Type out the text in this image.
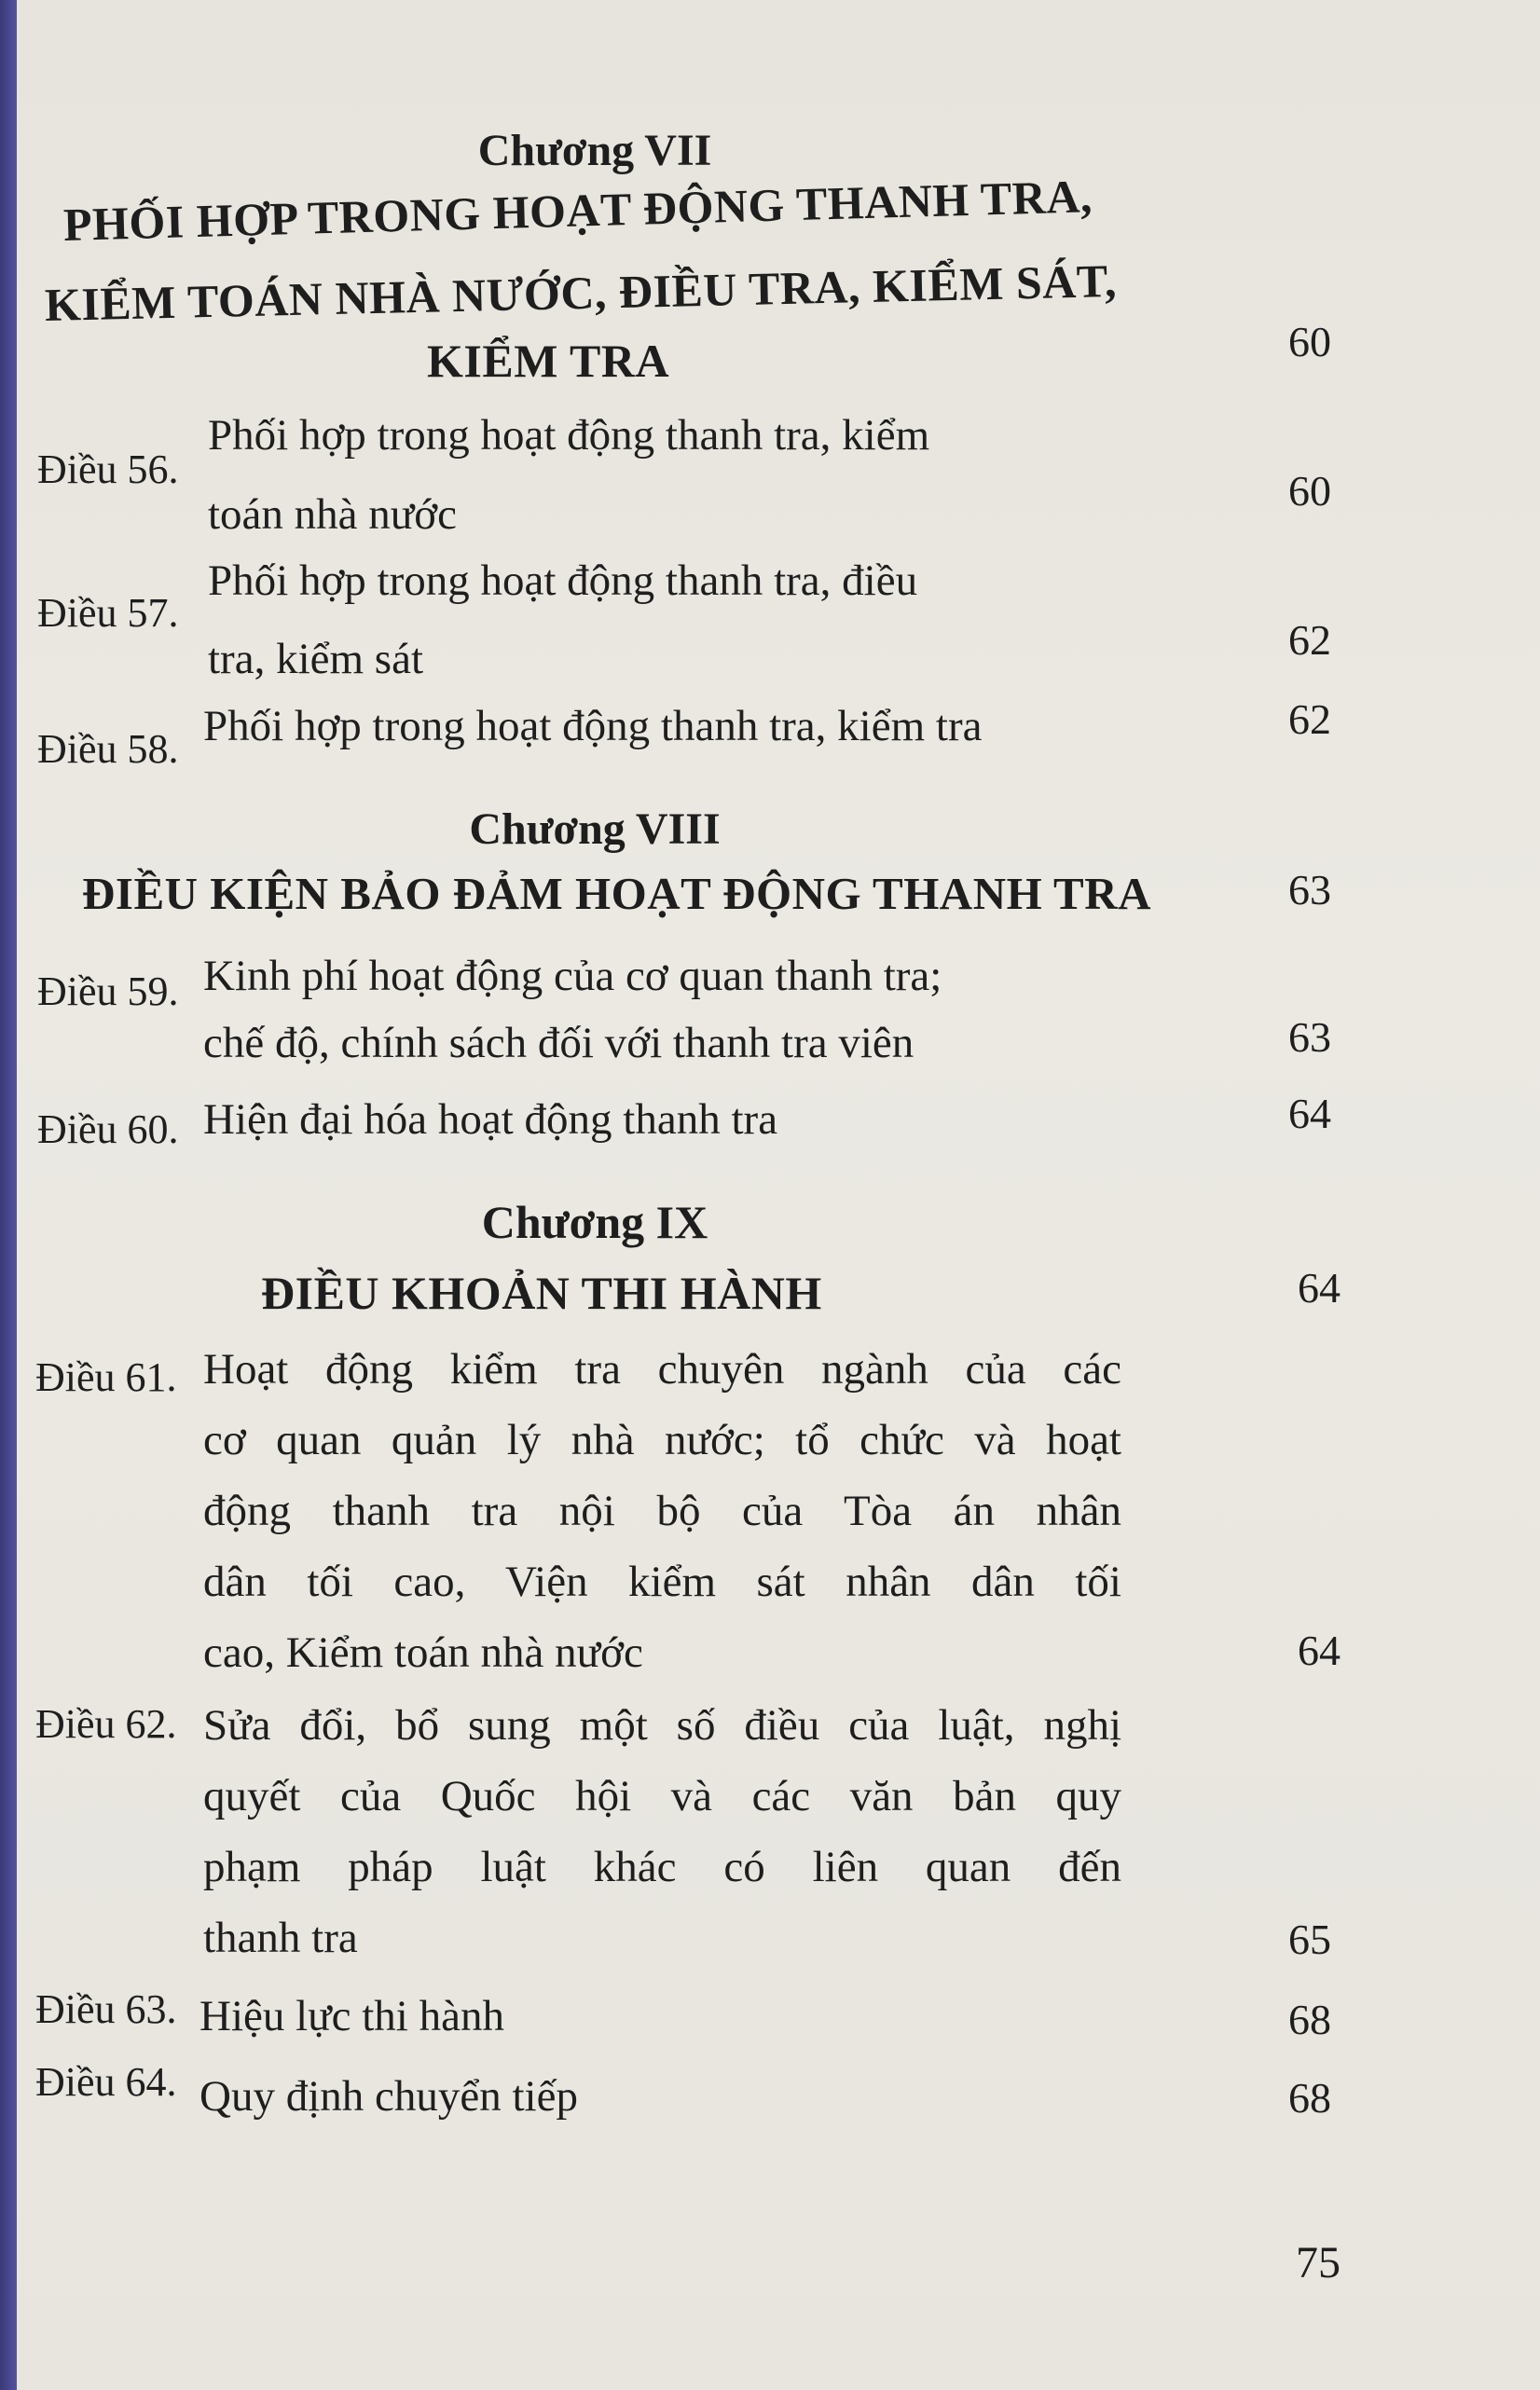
Chương VII
PHỐI HỢP TRONG HOẠT ĐỘNG THANH TRA,
KIỂM TOÁN NHÀ NƯỚC, ĐIỀU TRA, KIỂM SÁT,
KIỂM TRA	60
Điều 56.
Phối hợp trong hoạt động thanh tra, kiểm
toán nhà nước	60
Điều 57.
Phối hợp trong hoạt động thanh tra, điều
tra, kiểm sát	62
Điều 58. Phối hợp trong hoạt động thanh tra, kiểm tra	62
Chương VIII
ĐIỀU KIỆN BẢO ĐẢM HOẠT ĐỘNG THANH TRA	63
Điều 59. Kinh phí hoạt động của cơ quan thanh tra;
chế độ, chính sách đối với thanh tra viên	63
Điều 60. Hiện đại hóa hoạt động thanh tra	64
Chương IX
ĐIỀU KHOẢN THI HÀNH	64
Điều 61. Hoạt động kiểm tra chuyên ngành của các
cơ quan quản lý nhà nước; tổ chức và hoạt
động thanh tra nội bộ của Tòa án nhân
dân tối cao, Viện kiểm sát nhân dân tối
cao, Kiểm toán nhà nước	64
Điều 62. Sửa đổi, bổ sung một số điều của luật, nghị
quyết của Quốc hội và các văn bản quy
phạm pháp luật khác có liên quan đến
thanh tra	65
Điều 63. Hiệu lực thi hành	68
Điều 64. Quy định chuyển tiếp	68
75
